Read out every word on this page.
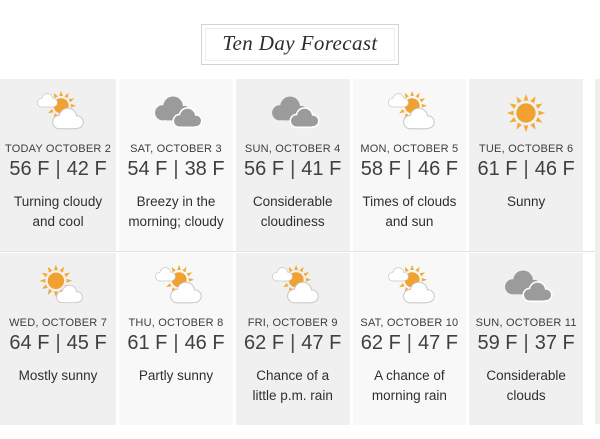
Ten Day Forecast
TODAY OCTOBER 2
56 F | 42 F
Turning cloudy and cool
SAT, OCTOBER 3
54 F | 38 F
Breezy in the morning; cloudy
SUN, OCTOBER 4
56 F | 41 F
Considerable cloudiness
MON, OCTOBER 5
58 F | 46 F
Times of clouds and sun
TUE, OCTOBER 6
61 F | 46 F
Sunny
WED, OCTOBER 7
64 F | 45 F
Mostly sunny
THU, OCTOBER 8
61 F | 46 F
Partly sunny
FRI, OCTOBER 9
62 F | 47 F
Chance of a little p.m. rain
SAT, OCTOBER 10
62 F | 47 F
A chance of morning rain
SUN, OCTOBER 11
59 F | 37 F
Considerable clouds
